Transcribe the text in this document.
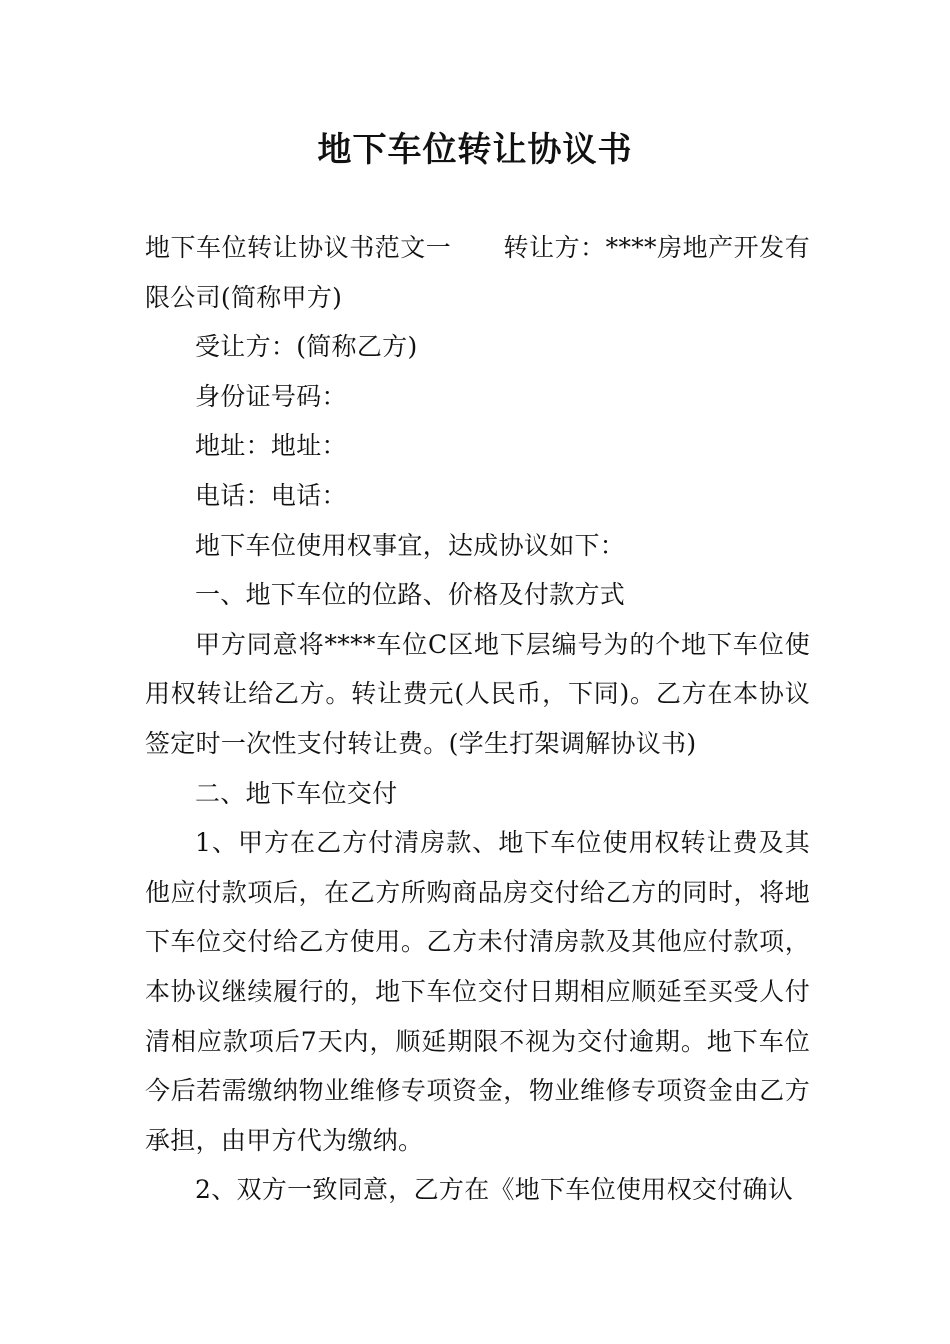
地下车位转让协议书

地下车位转让协议书范文一 转让方：****房地产开发有限公司(简称甲方)

受让方：(简称乙方)

身份证号码：

地址：地址：

电话：电话：

地下车位使用权事宜，达成协议如下：

一、地下车位的位路、价格及付款方式

甲方同意将****车位C区地下层编号为的个地下车位使用权转让给乙方。转让费元(人民币，下同)。乙方在本协议签定时一次性支付转让费。(学生打架调解协议书)

二、地下车位交付

1、甲方在乙方付清房款、地下车位使用权转让费及其他应付款项后，在乙方所购商品房交付给乙方的同时，将地下车位交付给乙方使用。乙方未付清房款及其他应付款项，本协议继续履行的，地下车位交付日期相应顺延至买受人付清相应款项后7天内，顺延期限不视为交付逾期。地下车位今后若需缴纳物业维修专项资金，物业维修专项资金由乙方承担，由甲方代为缴纳。

2、双方一致同意，乙方在《地下车位使用权交付确认
